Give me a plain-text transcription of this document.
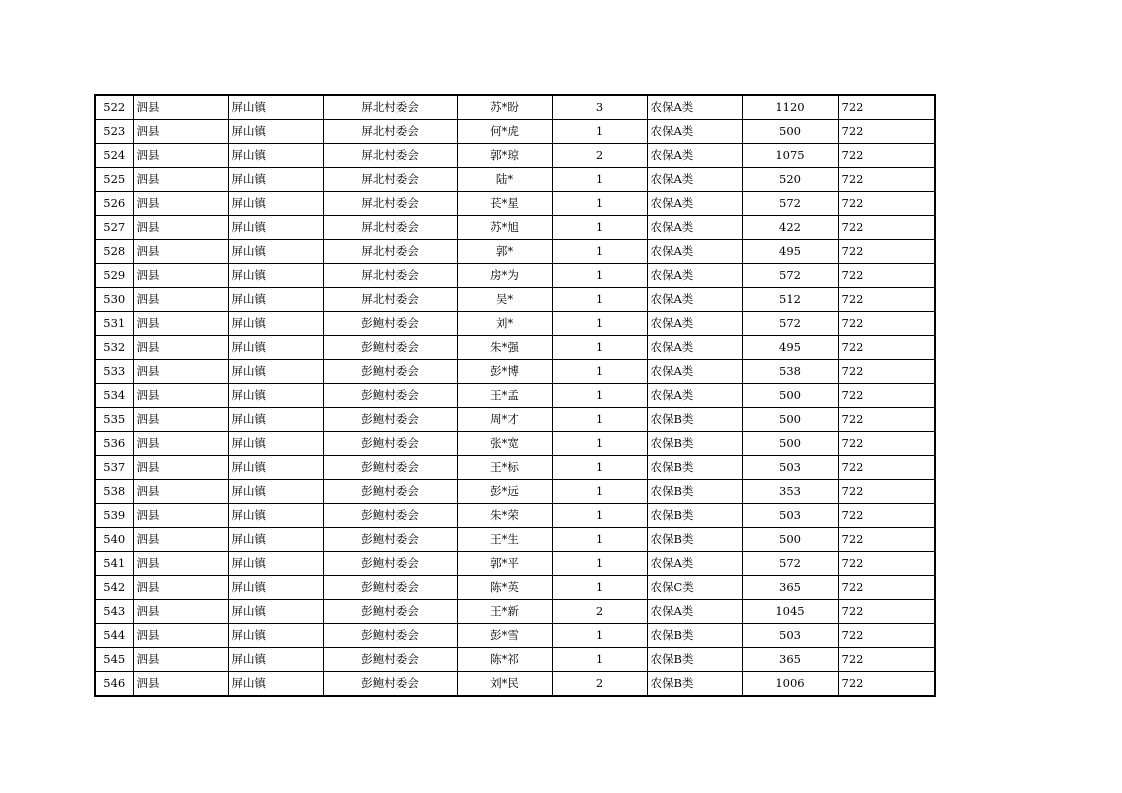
522	泗县	屏山镇	屏北村委会	苏*盼	3	农保A类	1120	722
523	泗县	屏山镇	屏北村委会	何*虎	1	农保A类	500	722
524	泗县	屏山镇	屏北村委会	郭*琼	2	农保A类	1075	722
525	泗县	屏山镇	屏北村委会	陆*	1	农保A类	520	722
526	泗县	屏山镇	屏北村委会	苌*星	1	农保A类	572	722
527	泗县	屏山镇	屏北村委会	苏*旭	1	农保A类	422	722
528	泗县	屏山镇	屏北村委会	郭*	1	农保A类	495	722
529	泗县	屏山镇	屏北村委会	房*为	1	农保A类	572	722
530	泗县	屏山镇	屏北村委会	吴*	1	农保A类	512	722
531	泗县	屏山镇	彭鲍村委会	刘*	1	农保A类	572	722
532	泗县	屏山镇	彭鲍村委会	朱*强	1	农保A类	495	722
533	泗县	屏山镇	彭鲍村委会	彭*博	1	农保A类	538	722
534	泗县	屏山镇	彭鲍村委会	王*孟	1	农保A类	500	722
535	泗县	屏山镇	彭鲍村委会	周*才	1	农保B类	500	722
536	泗县	屏山镇	彭鲍村委会	张*宽	1	农保B类	500	722
537	泗县	屏山镇	彭鲍村委会	王*标	1	农保B类	503	722
538	泗县	屏山镇	彭鲍村委会	彭*远	1	农保B类	353	722
539	泗县	屏山镇	彭鲍村委会	朱*荣	1	农保B类	503	722
540	泗县	屏山镇	彭鲍村委会	王*生	1	农保B类	500	722
541	泗县	屏山镇	彭鲍村委会	郭*平	1	农保A类	572	722
542	泗县	屏山镇	彭鲍村委会	陈*英	1	农保C类	365	722
543	泗县	屏山镇	彭鲍村委会	王*新	2	农保A类	1045	722
544	泗县	屏山镇	彭鲍村委会	彭*雪	1	农保B类	503	722
545	泗县	屏山镇	彭鲍村委会	陈*祁	1	农保B类	365	722
546	泗县	屏山镇	彭鲍村委会	刘*民	2	农保B类	1006	722
